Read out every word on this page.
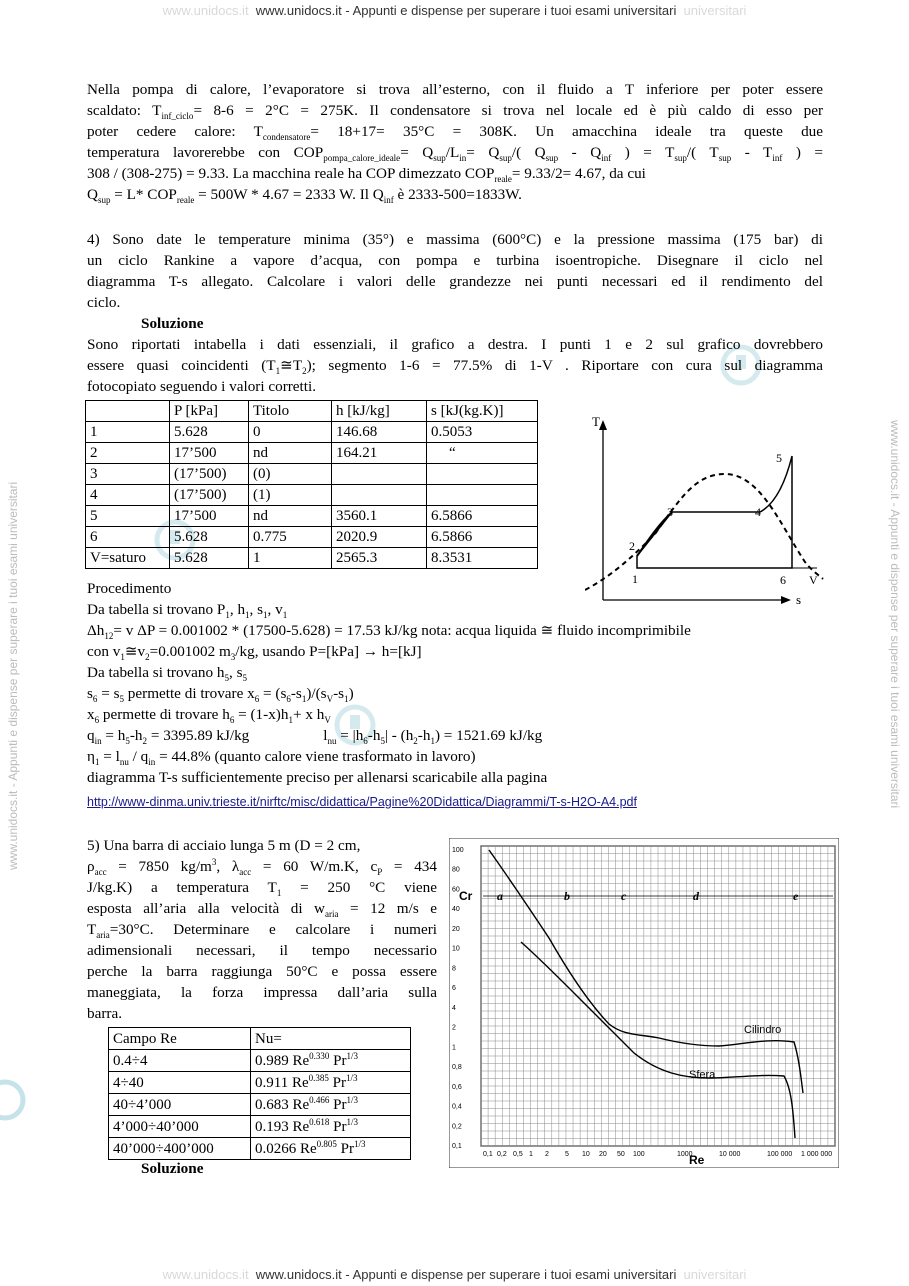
www.unidocs.it  www.unidocs.it - Appunti e dispense per superare i tuoi esami universitari  universitari
www.unidocs.it  www.unidocs.it - Appunti e dispense per superare i tuoi esami universitari  universitari
www.unidocs.it - Appunti e dispense per superare i tuoi esami universitari	www.unidocs.it - Appunti e dispense per superare i tuoi esami universitari
Nella pompa di calore, l’evaporatore si trova all’esterno, con il fluido a T inferiore per poter essere
scaldato: $T_{inf\_ciclo}= 8-6 = 2^\circ C = 275K$. Il condensatore si trova nel locale ed è più caldo di esso per
poter cedere calore: $T_{condensatore}= 18+17= 35^\circ C = 308K$. Un amacchina ideale tra queste due
temperatura lavorerebbe con $COP_{pompa\_calore\_ideale}= Q_{sup}/L_{in}= Q_{sup}/$( $Q_{sup} - Q_{inf}$ ) = $T_{sup}/$( $T_{sup} - T_{inf}$ ) =
308 / (308-275) = 9.33. La macchina reale ha COP dimezzato $COP_{reale}= 9.33/2= 4.67$, da cui
$Q_{sup} = L*$ $COP_{reale} = 500W * 4.67 = 2333$ W. Il $Q_{inf}$ è 2333-500=1833W.
4) Sono date le temperature minima (35°) e massima (600°C) e la pressione massima (175 bar) di
un ciclo Rankine a vapore d’acqua, con pompa e turbina isoentropiche. Disegnare il ciclo nel
diagramma T-s allegato. Calcolare i valori delle grandezze nei punti necessari ed il rendimento del
ciclo.
Soluzione
Sono riportati intabella i dati essenziali, il grafico a destra. I punti 1 e 2 sul grafico dovrebbero
essere quasi coincidenti $(T_1≅T_2)$; segmento 1-6 = 77.5% di 1-V . Riportare con cura sul diagramma
fotocopiato seguendo i valori corretti.
	P [kPa]	Titolo	h [kJ/kg]	s [kJ(kg.K)]
1	5.628	0	146.68	0.5053
2	17’500	nd	164.21	“
3	(17’500)	(0)		
4	(17’500)	(1)		
5	17’500	nd	3560.1	6.5866
6	5.628	0.775	2020.9	6.5866
V=saturo	5.628	1	2565.3	8.3531
T
s
1
2
3	4
5
6 V
Procedimento
Da tabella si trovano $P_1$, $h_1$, $s_1$, $v_1$
$\Delta h_{12}= v$ ΔP = 0.001002 * (17500-5.628) = 17.53 kJ/kg nota: acqua liquida ≅ fluido incomprimibile
con $v_1≅v_2=0.001002$ $m_3/kg$, usando P=[kPa] → h=[kJ]
Da tabella si trovano $h_5$, $s_5$
$s_6 = s_5$ permette di trovare $x_6 = (s_6-s_1)/(s_V-s_1)$
$x_6$ permette di trovare $h_6 = (1-x)h_1+ x$ $h_V$
$q_{in} = h_5-h_2 = 3395.89$ kJ/kg	$l_{nu} = |h_6-h_5| - (h_2-h_1) = 1521.69$ kJ/kg
$\eta_1 = l_{nu} / q_{in} = 44.8\%$ (quanto calore viene trasformato in lavoro)
diagramma T-s sufficientemente preciso per allenarsi scaricabile alla pagina
http://www-dinma.univ.trieste.it/nirftc/misc/didattica/Pagine%20Didattica/Diagrammi/T-s-H2O-A4.pdf
5) Una barra di acciaio lunga 5 m (D = 2 cm,
$\rho_{acc} = 7850$ $kg/m^3$, $\lambda_{acc} = 60$ W/m.K, $c_P = 434$
J/kg.K) a temperatura $T_1 = 250$ °C viene
esposta all’aria alla velocità di $w_{aria} = 12$ m/s e
$T_{aria}=30^\circ C$. Determinare e calcolare i numeri
adimensionali necessari, il tempo necessario
perche la barra raggiunga 50°C e possa essere
maneggiata, la forza impressa dall’aria sulla
barra.
Campo Re	Nu=
0.4÷4	0.989 $Re^{0.330}$ $Pr^{1/3}$
4÷40	0.911 $Re^{0.385}$ $Pr^{1/3}$
40÷4’000	0.683 $Re^{0.466}$ $Pr^{1/3}$
4’000÷40’000	0.193 $Re^{0.618}$ $Pr^{1/3}$
40’000÷400’000	0.0266 $Re^{0.805}$ $Pr^{1/3}$
Soluzione
a	b	c	d	e
Cilindro
Sfera
Cr
Re
100
80
60
40
20
10
8
6
4
2
1
0,8
0,6
0,4
0,2
0,1
0,1 0,2 0,5 1 2 5 10 20 50 100	1000	10 000	100 000 1 000 000
